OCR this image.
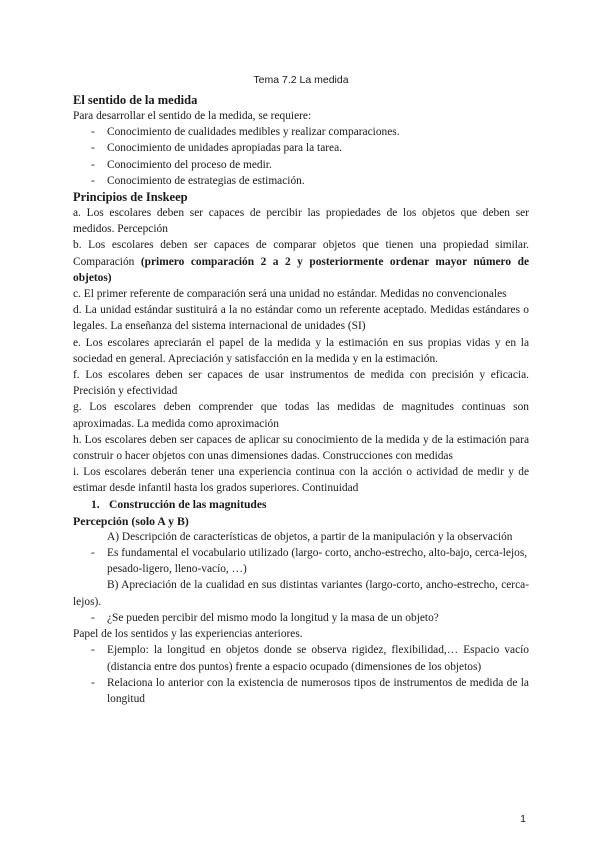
Tema 7.2 La medida
El sentido de la medida

Para desarrollar el sentido de la medida, se requiere:

- Conocimiento de cualidades medibles y realizar comparaciones.
- Conocimiento de unidades apropiadas para la tarea.
- Conocimiento del proceso de medir.
- Conocimiento de estrategias de estimación.
Principios de Inskeep

a. Los escolares deben ser capaces de percibir las propiedades de los objetos que deben ser medidos. Percepción

b. Los escolares deben ser capaces de comparar objetos que tienen una propiedad similar. Comparación (primero comparación 2 a 2 y posteriormente ordenar mayor número de objetos)

c. El primer referente de comparación será una unidad no estándar. Medidas no convencionales

d. La unidad estándar sustituirá a la no estándar como un referente aceptado. Medidas estándares o legales. La enseñanza del sistema internacional de unidades (SI)

e. Los escolares apreciarán el papel de la medida y la estimación en sus propias vidas y en la sociedad en general. Apreciación y satisfacción en la medida y en la estimación.

f. Los escolares deben ser capaces de usar instrumentos de medida con precisión y eficacia. Precisión y efectividad

g. Los escolares deben comprender que todas las medidas de magnitudes continuas son aproximadas. La medida como aproximación

h. Los escolares deben ser capaces de aplicar su conocimiento de la medida y de la estimación para construir o hacer objetos con unas dimensiones dadas. Construcciones con medidas

i. Los escolares deberán tener una experiencia continua con la acción o actividad de medir y de estimar desde infantil hasta los grados superiores. Continuidad

1. Construcción de las magnitudes
Percepción (solo A y B)

A) Descripción de características de objetos, a partir de la manipulación y la observación

- Es fundamental el vocabulario utilizado (largo- corto, ancho-estrecho, alto-bajo, cerca-lejos, pesado-ligero, lleno-vacío, …)

B) Apreciación de la cualidad en sus distintas variantes (largo-corto, ancho-estrecho, cerca-lejos).

- ¿Se pueden percibir del mismo modo la longitud y la masa de un objeto?

Papel de los sentidos y las experiencias anteriores.

- Ejemplo: la longitud en objetos donde se observa rigidez, flexibilidad,… Espacio vacío (distancia entre dos puntos) frente a espacio ocupado (dimensiones de los objetos)
- Relaciona lo anterior con la existencia de numerosos tipos de instrumentos de medida de la longitud
1
